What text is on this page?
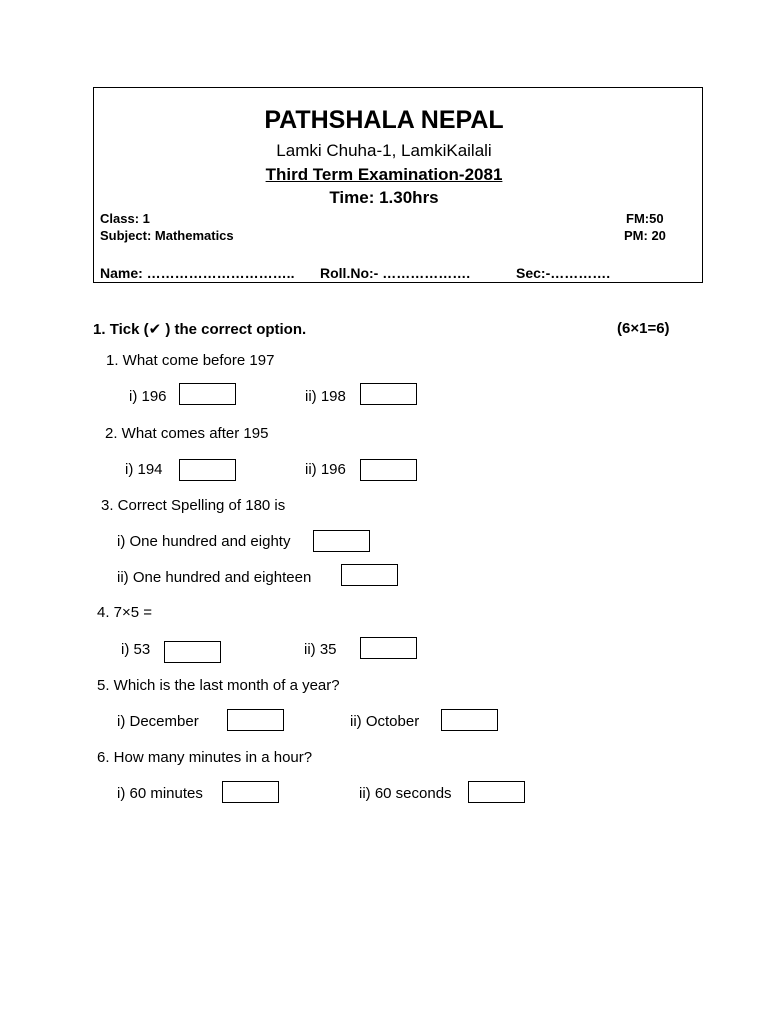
PATHSHALA NEPAL
Lamki Chuha-1, LamkiKailali
Third Term Examination-2081
Time: 1.30hrs
Class: 1
Subject: Mathematics
FM:50
PM: 20
Name: ………………………….. Roll.No:- ……………….	Sec:-………….
1. Tick (✔ ) the correct option.	(6×1=6)
1. What come before 197
i) 196	ii) 198
2. What comes after 195
i) 194	ii) 196
3. Correct Spelling of 180 is
i) One hundred and eighty
ii) One hundred and eighteen
4. 7×5 =
i) 53	ii) 35
5. Which is the last month of a year?
i) December	ii) October
6. How many minutes in a hour?
i) 60 minutes	ii) 60 seconds
